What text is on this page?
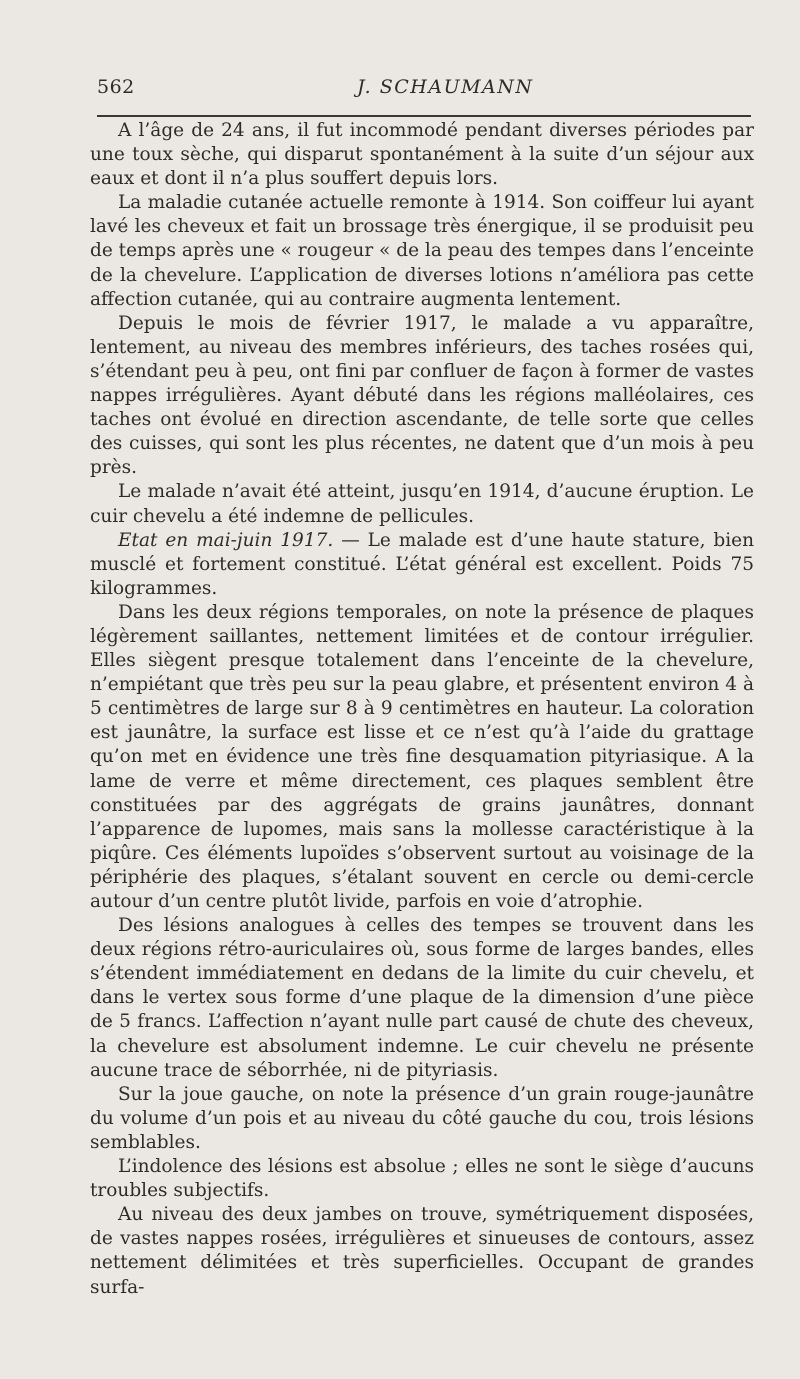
562	J. SCHAUMANN

A l’âge de 24 ans, il fut incommodé pendant diverses périodes par une toux sèche, qui disparut spontanément à la suite d’un séjour aux eaux et dont il n’a plus souffert depuis lors.

La maladie cutanée actuelle remonte à 1914. Son coiffeur lui ayant lavé les cheveux et fait un brossage très énergique, il se produisit peu de temps après une « rougeur « de la peau des tempes dans l’enceinte de la chevelure. L’application de diverses lotions n’améliora pas cette affection cutanée, qui au contraire augmenta lentement.

Depuis le mois de février 1917, le malade a vu apparaître, lentement, au niveau des membres inférieurs, des taches rosées qui, s’étendant peu à peu, ont fini par confluer de façon à former de vastes nappes irrégulières. Ayant débuté dans les régions malléolaires, ces taches ont évolué en direction ascendante, de telle sorte que celles des cuisses, qui sont les plus récentes, ne datent que d’un mois à peu près.

Le malade n’avait été atteint, jusqu’en 1914, d’aucune éruption. Le cuir chevelu a été indemne de pellicules.

Etat en mai-juin 1917. — Le malade est d’une haute stature, bien musclé et fortement constitué. L’état général est excellent. Poids 75 kilogrammes.

Dans les deux régions temporales, on note la présence de plaques légèrement saillantes, nettement limitées et de contour irrégulier. Elles siègent presque totalement dans l’enceinte de la chevelure, n’empiétant que très peu sur la peau glabre, et présentent environ 4 à 5 centimètres de large sur 8 à 9 centimètres en hauteur. La coloration est jaunâtre, la surface est lisse et ce n’est qu’à l’aide du grattage qu’on met en évidence une très fine desquamation pityriasique. A la lame de verre et même directement, ces plaques semblent être constituées par des aggrégats de grains jaunâtres, donnant l’apparence de lupomes, mais sans la mollesse caractéristique à la piqûre. Ces éléments lupoïdes s’observent surtout au voisinage de la périphérie des plaques, s’étalant souvent en cercle ou demi-cercle autour d’un centre plutôt livide, parfois en voie d’atrophie.

Des lésions analogues à celles des tempes se trouvent dans les deux régions rétro-auriculaires où, sous forme de larges bandes, elles s’étendent immédiatement en dedans de la limite du cuir chevelu, et dans le vertex sous forme d’une plaque de la dimension d’une pièce de 5 francs. L’affection n’ayant nulle part causé de chute des cheveux, la chevelure est absolument indemne. Le cuir chevelu ne présente aucune trace de séborrhée, ni de pityriasis.

Sur la joue gauche, on note la présence d’un grain rouge-jaunâtre du volume d’un pois et au niveau du côté gauche du cou, trois lésions semblables.

L’indolence des lésions est absolue ; elles ne sont le siège d’aucuns troubles subjectifs.

Au niveau des deux jambes on trouve, symétriquement disposées, de vastes nappes rosées, irrégulières et sinueuses de contours, assez nettement délimitées et très superficielles. Occupant de grandes surfa-
